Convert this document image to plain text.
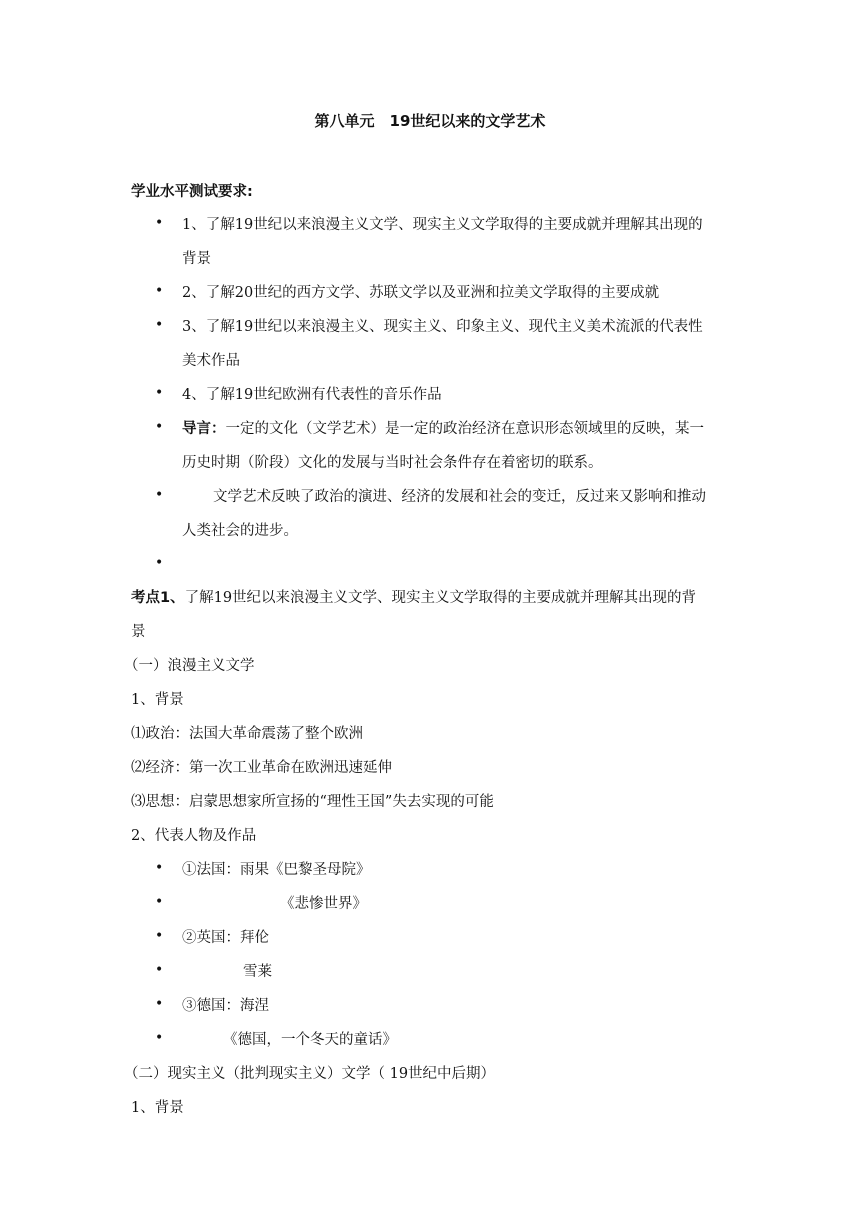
第八单元　19世纪以来的文学艺术
学业水平测试要求:
• 1、了解19世纪以来浪漫主义文学、现实主义文学取得的主要成就并理解其出现的
背景
• 2、了解20世纪的西方文学、苏联文学以及亚洲和拉美文学取得的主要成就
• 3、了解19世纪以来浪漫主义、现实主义、印象主义、现代主义美术流派的代表性
美术作品
• 4、了解19世纪欧洲有代表性的音乐作品
• 导言：一定的文化（文学艺术）是一定的政治经济在意识形态领域里的反映，某一
历史时期（阶段）文化的发展与当时社会条件存在着密切的联系。
•	文学艺术反映了政治的演进、经济的发展和社会的变迁，反过来又影响和推动
人类社会的进步。
•
考点1、了解19世纪以来浪漫主义文学、现实主义文学取得的主要成就并理解其出现的背
景
（一）浪漫主义文学
1、背景
⑴政治：法国大革命震荡了整个欧洲
⑵经济：第一次工业革命在欧洲迅速延伸
⑶思想：启蒙思想家所宣扬的“理性王国”失去实现的可能
2、代表人物及作品
• ①法国：雨果《巴黎圣母院》
•	《悲惨世界》
• ②英国：拜伦
•	雪莱
• ③德国：海涅
•	《德国，一个冬天的童话》
（二）现实主义（批判现实主义）文学（ 19世纪中后期）
1、背景
